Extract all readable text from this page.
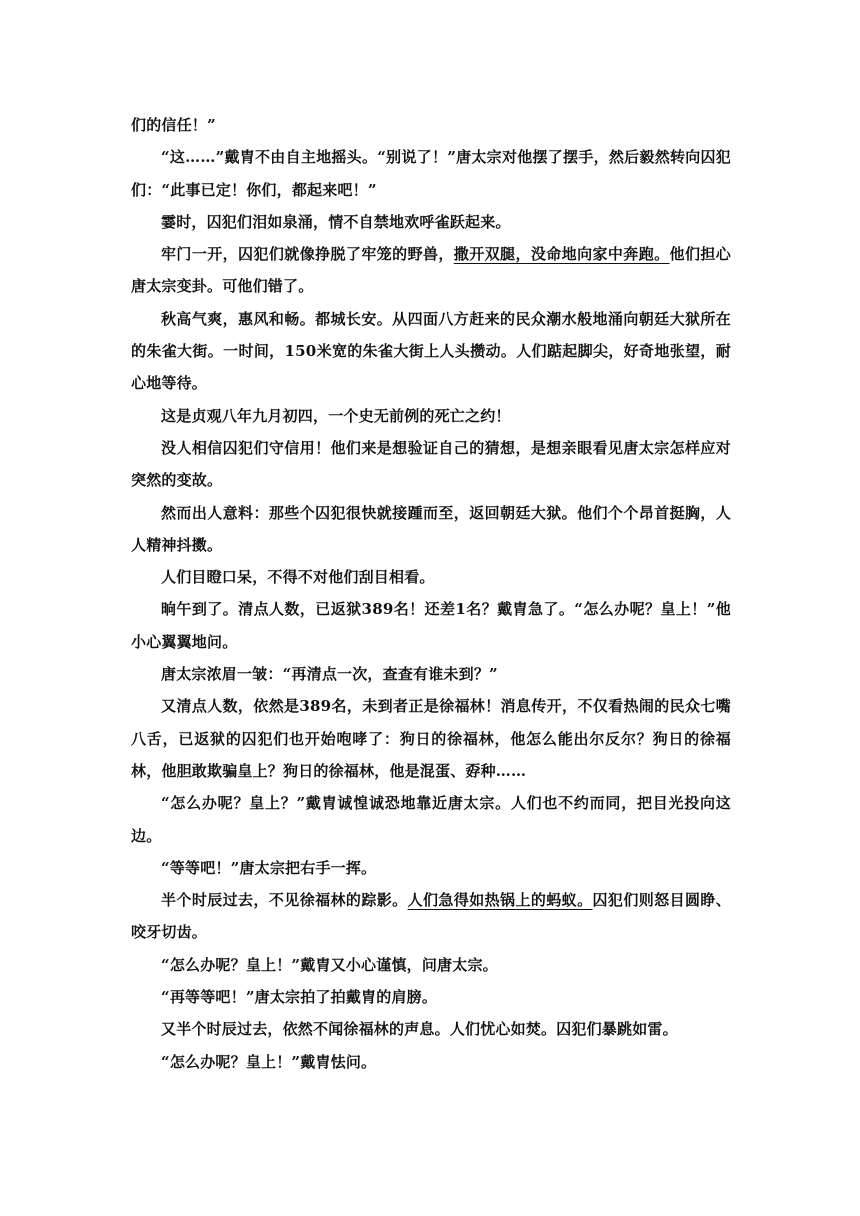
们的信任！”

“这……”戴胄不由自主地摇头。“别说了！”唐太宗对他摆了摆手，然后毅然转向囚犯们：“此事已定！你们，都起来吧！”

霎时，囚犯们泪如泉涌，情不自禁地欢呼雀跃起来。

牢门一开，囚犯们就像挣脱了牢笼的野兽，撒开双腿，没命地向家中奔跑。他们担心唐太宗变卦。可他们错了。

秋高气爽，惠风和畅。都城长安。从四面八方赶来的民众潮水般地涌向朝廷大狱所在的朱雀大街。一时间，150米宽的朱雀大街上人头攒动。人们踮起脚尖，好奇地张望，耐心地等待。

这是贞观八年九月初四，一个史无前例的死亡之约！

没人相信囚犯们守信用！他们来是想验证自己的猜想，是想亲眼看见唐太宗怎样应对突然的变故。

然而出人意料：那些个囚犯很快就接踵而至，返回朝廷大狱。他们个个昂首挺胸，人人精神抖擞。

人们目瞪口呆，不得不对他们刮目相看。

晌午到了。清点人数，已返狱389名！还差1名？戴胄急了。“怎么办呢？皇上！”他小心翼翼地问。

唐太宗浓眉一皱：“再清点一次，查查有谁未到？”

又清点人数，依然是389名，未到者正是徐福林！消息传开，不仅看热闹的民众七嘴八舌，已返狱的囚犯们也开始咆哮了：狗日的徐福林，他怎么能出尔反尔？狗日的徐福林，他胆敢欺骗皇上？狗日的徐福林，他是混蛋、孬种……

“怎么办呢？皇上？”戴胄诚惶诚恐地靠近唐太宗。人们也不约而同，把目光投向这边。

“等等吧！”唐太宗把右手一挥。

半个时辰过去，不见徐福林的踪影。人们急得如热锅上的蚂蚁。囚犯们则怒目圆睁、咬牙切齿。

“怎么办呢？皇上！”戴胄又小心谨慎，问唐太宗。

“再等等吧！”唐太宗拍了拍戴胄的肩膀。

又半个时辰过去，依然不闻徐福林的声息。人们忧心如焚。囚犯们暴跳如雷。

“怎么办呢？皇上！”戴胄怯问。
